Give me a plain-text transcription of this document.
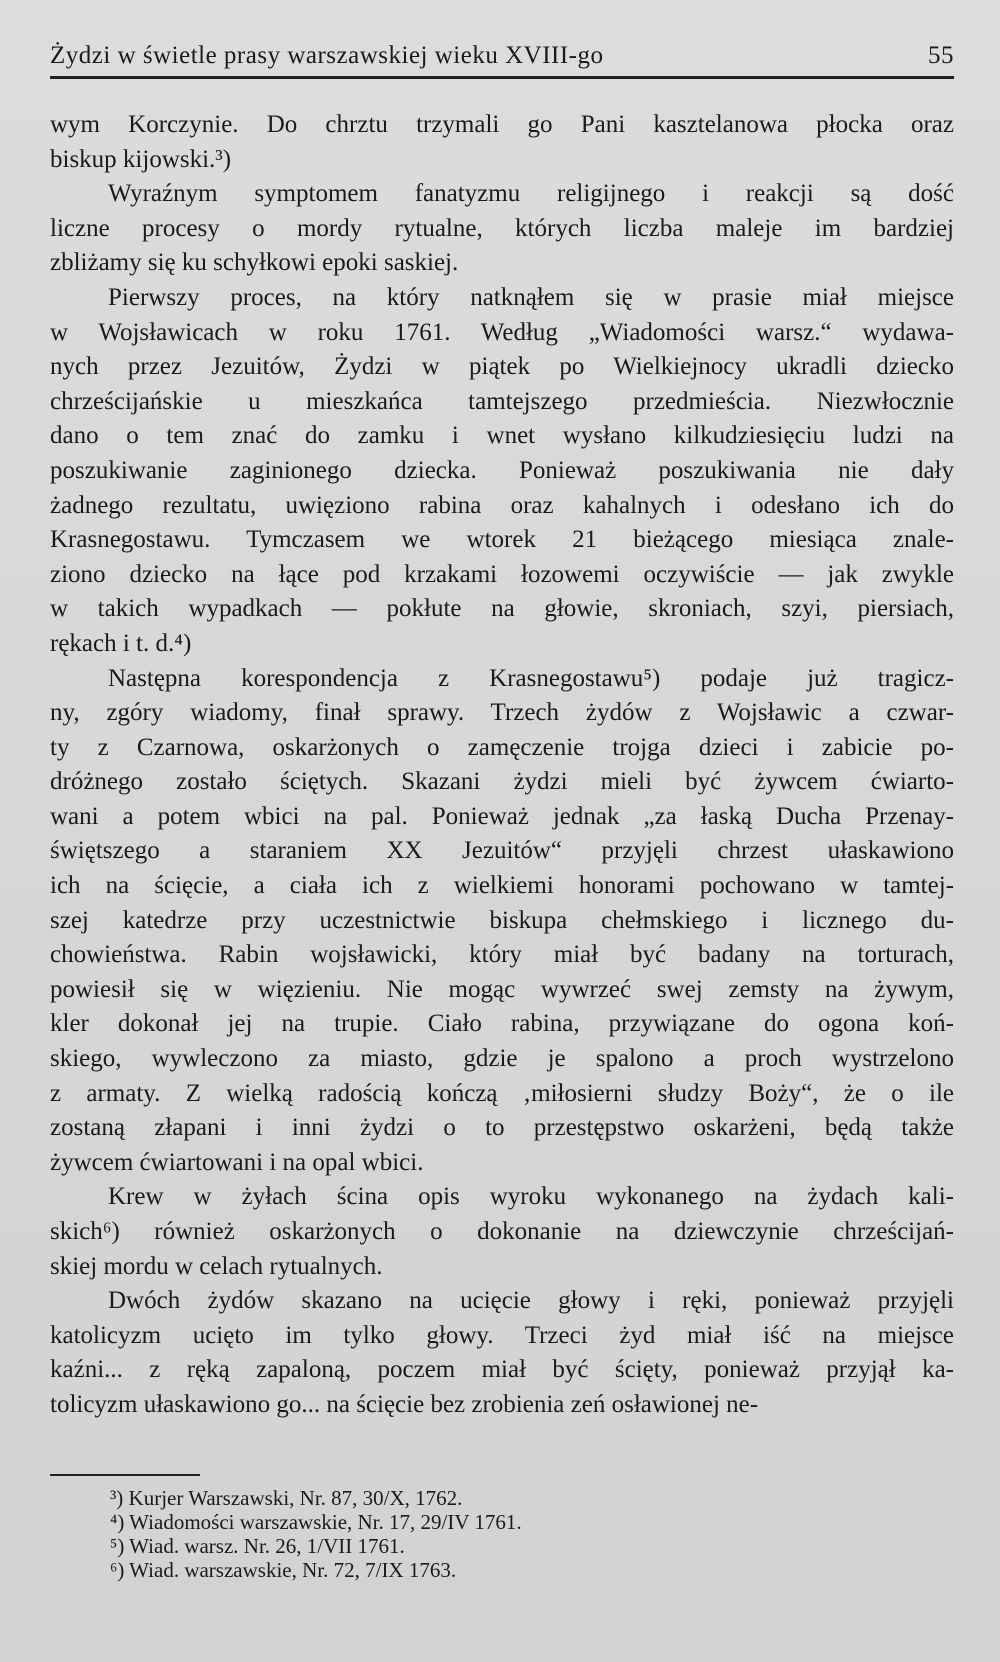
Żydzi w świetle prasy warszawskiej wieku XVIII-go	55
wym Korczynie. Do chrztu trzymali go Pani kasztelanowa płocka oraz
biskup kijowski.³)
Wyraźnym symptomem fanatyzmu religijnego i reakcji są dość
liczne procesy o mordy rytualne, których liczba maleje im bardziej
zbliżamy się ku schyłkowi epoki saskiej.
Pierwszy proces, na który natknąłem się w prasie miał miejsce
w Wojsławicach w roku 1761. Według „Wiadomości warsz.“ wydawa-
nych przez Jezuitów, Żydzi w piątek po Wielkiejnocy ukradli dziecko
chrześcijańskie u mieszkańca tamtejszego przedmieścia. Niezwłocznie
dano o tem znać do zamku i wnet wysłano kilkudziesięciu ludzi na
poszukiwanie zaginionego dziecka. Ponieważ poszukiwania nie dały
żadnego rezultatu, uwięziono rabina oraz kahalnych i odesłano ich do
Krasnegostawu. Tymczasem we wtorek 21 bieżącego miesiąca znale-
ziono dziecko na łące pod krzakami łozowemi oczywiście — jak zwykle
w takich wypadkach — pokłute na głowie, skroniach, szyi, piersiach,
rękach i t. d.⁴)
Następna korespondencja z Krasnegostawu⁵) podaje już tragicz-
ny, zgóry wiadomy, finał sprawy. Trzech żydów z Wojsławic a czwar-
ty z Czarnowa, oskarżonych o zamęczenie trojga dzieci i zabicie po-
dróżnego zostało ściętych. Skazani żydzi mieli być żywcem ćwiarto-
wani a potem wbici na pal. Ponieważ jednak „za łaską Ducha Przenay-
świętszego a staraniem XX Jezuitów“ przyjęli chrzest ułaskawiono
ich na ścięcie, a ciała ich z wielkiemi honorami pochowano w tamtej-
szej katedrze przy uczestnictwie biskupa chełmskiego i licznego du-
chowieństwa. Rabin wojsławicki, który miał być badany na torturach,
powiesił się w więzieniu. Nie mogąc wywrzeć swej zemsty na żywym,
kler dokonał jej na trupie. Ciało rabina, przywiązane do ogona koń-
skiego, wywleczono za miasto, gdzie je spalono a proch wystrzelono
z armaty. Z wielką radością kończą ‚miłosierni słudzy Boży“, że o ile
zostaną złapani i inni żydzi o to przestępstwo oskarżeni, będą także
żywcem ćwiartowani i na opal wbici.
Krew w żyłach ścina opis wyroku wykonanego na żydach kali-
skich⁶) również oskarżonych o dokonanie na dziewczynie chrześcijań-
skiej mordu w celach rytualnych.
Dwóch żydów skazano na ucięcie głowy i ręki, ponieważ przyjęli
katolicyzm ucięto im tylko głowy. Trzeci żyd miał iść na miejsce
kaźni... z ręką zapaloną, poczem miał być ścięty, ponieważ przyjął ka-
tolicyzm ułaskawiono go... na ścięcie bez zrobienia zeń osławionej ne-
³) Kurjer Warszawski, Nr. 87, 30/X, 1762.
⁴) Wiadomości warszawskie, Nr. 17, 29/IV 1761.
⁵) Wiad. warsz. Nr. 26, 1/VII 1761.
⁶) Wiad. warszawskie, Nr. 72, 7/IX 1763.
